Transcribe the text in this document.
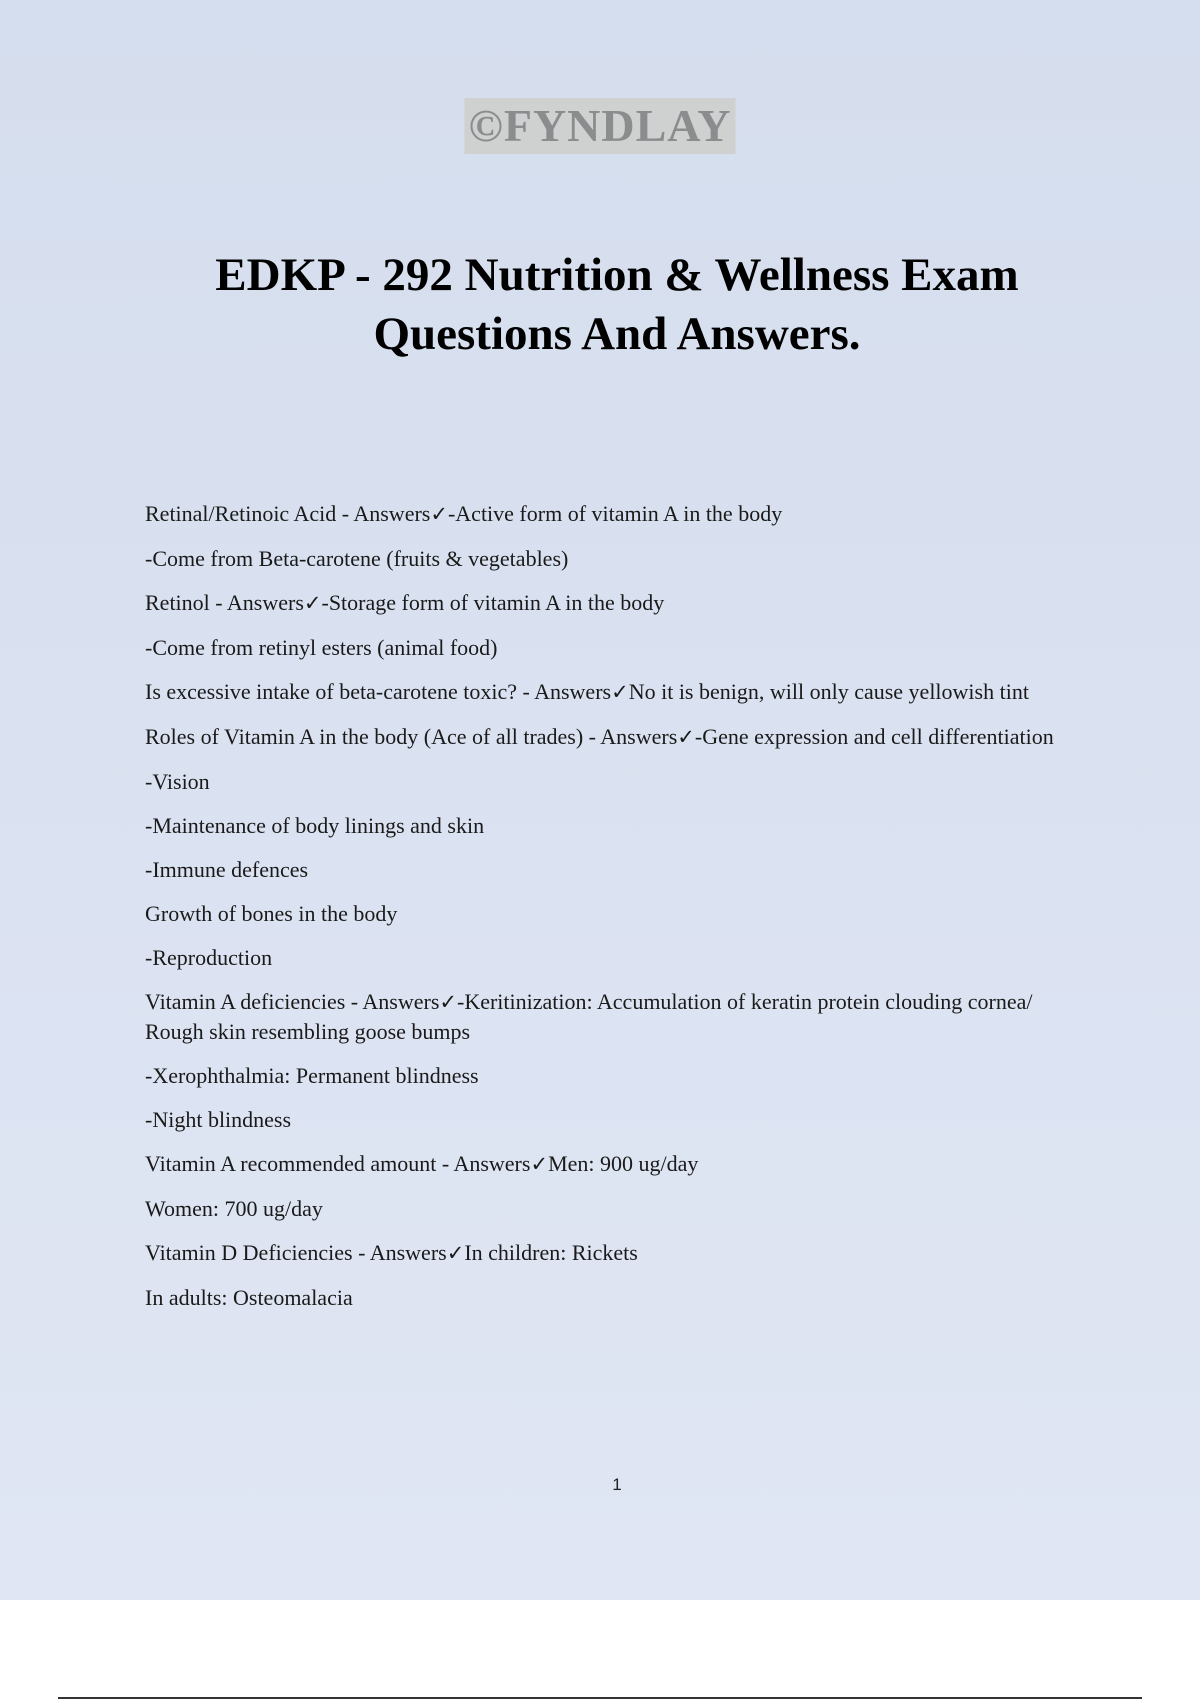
©FYNDLAY
EDKP - 292 Nutrition & Wellness Exam
Questions And Answers.
Retinal/Retinoic Acid - Answers✓-Active form of vitamin A in the body
-Come from Beta-carotene (fruits & vegetables)
Retinol - Answers✓-Storage form of vitamin A in the body
-Come from retinyl esters (animal food)
Is excessive intake of beta-carotene toxic? - Answers✓No it is benign, will only cause yellowish tint
Roles of Vitamin A in the body (Ace of all trades) - Answers✓-Gene expression and cell differentiation
-Vision
-Maintenance of body linings and skin
-Immune defences
Growth of bones in the body
-Reproduction
Vitamin A deficiencies - Answers✓-Keritinization: Accumulation of keratin protein clouding cornea/ Rough skin resembling goose bumps
-Xerophthalmia: Permanent blindness
-Night blindness
Vitamin A recommended amount - Answers✓Men: 900 ug/day
Women: 700 ug/day
Vitamin D Deficiencies - Answers✓In children: Rickets
In adults: Osteomalacia
1
